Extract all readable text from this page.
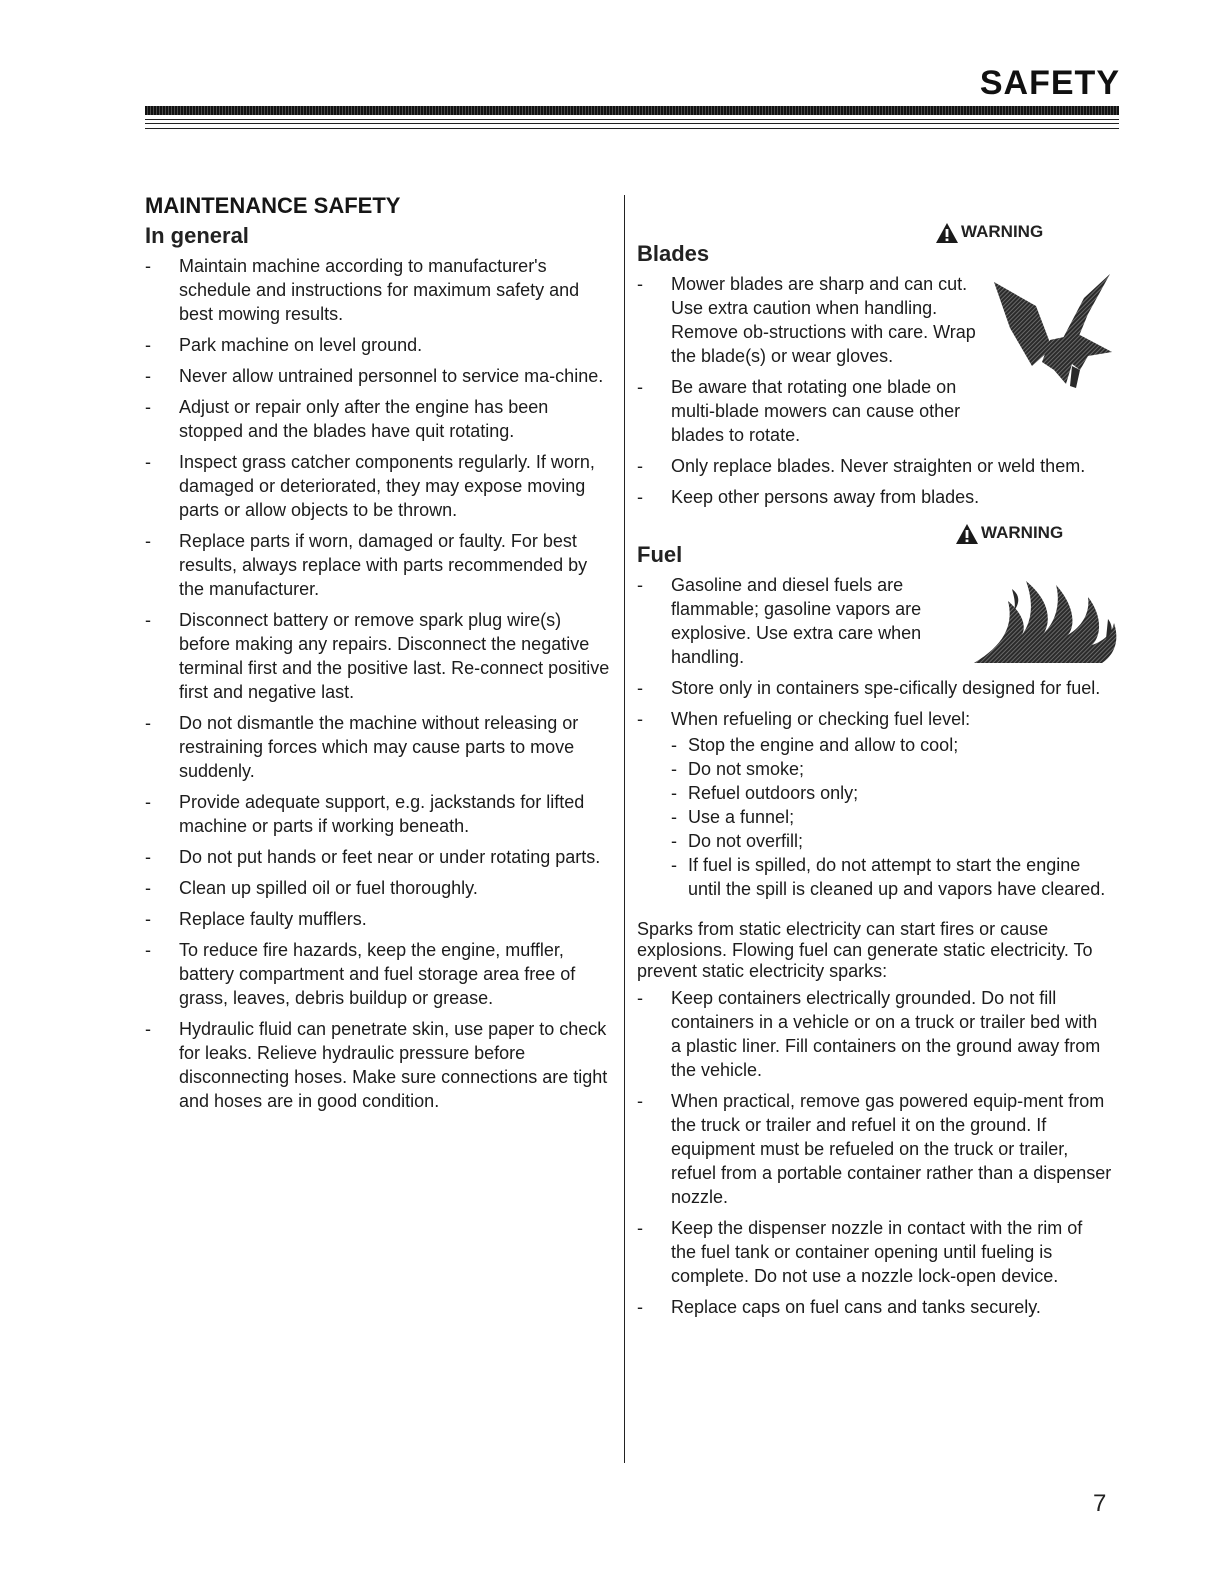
SAFETY
MAINTENANCE SAFETY
In general
- Maintain machine according to manufacturer's schedule and instructions for maximum safety and best mowing results.
- Park machine on level ground.
- Never allow untrained personnel to service ma-chine.
- Adjust or repair only after the engine has been stopped and the blades have quit rotating.
- Inspect grass catcher components regularly. If worn, damaged or deteriorated, they may expose moving parts or allow objects to be thrown.
- Replace parts if worn, damaged or faulty. For best results, always replace with parts recommended by the manufacturer.
- Disconnect battery or remove spark plug wire(s) before making any repairs. Disconnect the negative terminal first and the positive last. Re-connect positive first and negative last.
- Do not dismantle the machine without releasing or restraining forces which may cause parts to move suddenly.
- Provide adequate support, e.g. jackstands for lifted machine or parts if working beneath.
- Do not put hands or feet near or under rotating parts.
- Clean up spilled oil or fuel thoroughly.
- Replace faulty mufflers.
- To reduce fire hazards, keep the engine, muffler, battery compartment and fuel storage area free of grass, leaves, debris buildup or grease.
- Hydraulic fluid can penetrate skin, use paper to check for leaks. Relieve hydraulic pressure before disconnecting hoses. Make sure connections are tight and hoses are in good condition.
WARNING
Blades
- Mower blades are sharp and can cut. Use extra caution when handling. Remove ob-structions with care. Wrap the blade(s) or wear gloves.
- Be aware that rotating one blade on multi-blade mowers can cause other blades to rotate.
- Only replace blades. Never straighten or weld them.
- Keep other persons away from blades.
WARNING
Fuel
- Gasoline and diesel fuels are flammable; gasoline vapors are explosive. Use extra care when handling.
- Store only in containers spe-cifically designed for fuel.
- When refueling or checking fuel level:
- Stop the engine and allow to cool;
- Do not smoke;
- Refuel outdoors only;
- Use a funnel;
- Do not overfill;
- If fuel is spilled, do not attempt to start the engine until the spill is cleaned up and vapors have cleared.

Sparks from static electricity can start fires or cause explosions. Flowing fuel can generate static electricity. To prevent static electricity sparks:

- Keep containers electrically grounded. Do not fill containers in a vehicle or on a truck or trailer bed with a plastic liner. Fill containers on the ground away from the vehicle.
- When practical, remove gas powered equip-ment from the truck or trailer and refuel it on the ground. If equipment must be refueled on the truck or trailer, refuel from a portable container rather than a dispenser nozzle.
- Keep the dispenser nozzle in contact with the rim of the fuel tank or container opening until fueling is complete. Do not use a nozzle lock-open device.
- Replace caps on fuel cans and tanks securely.
7
